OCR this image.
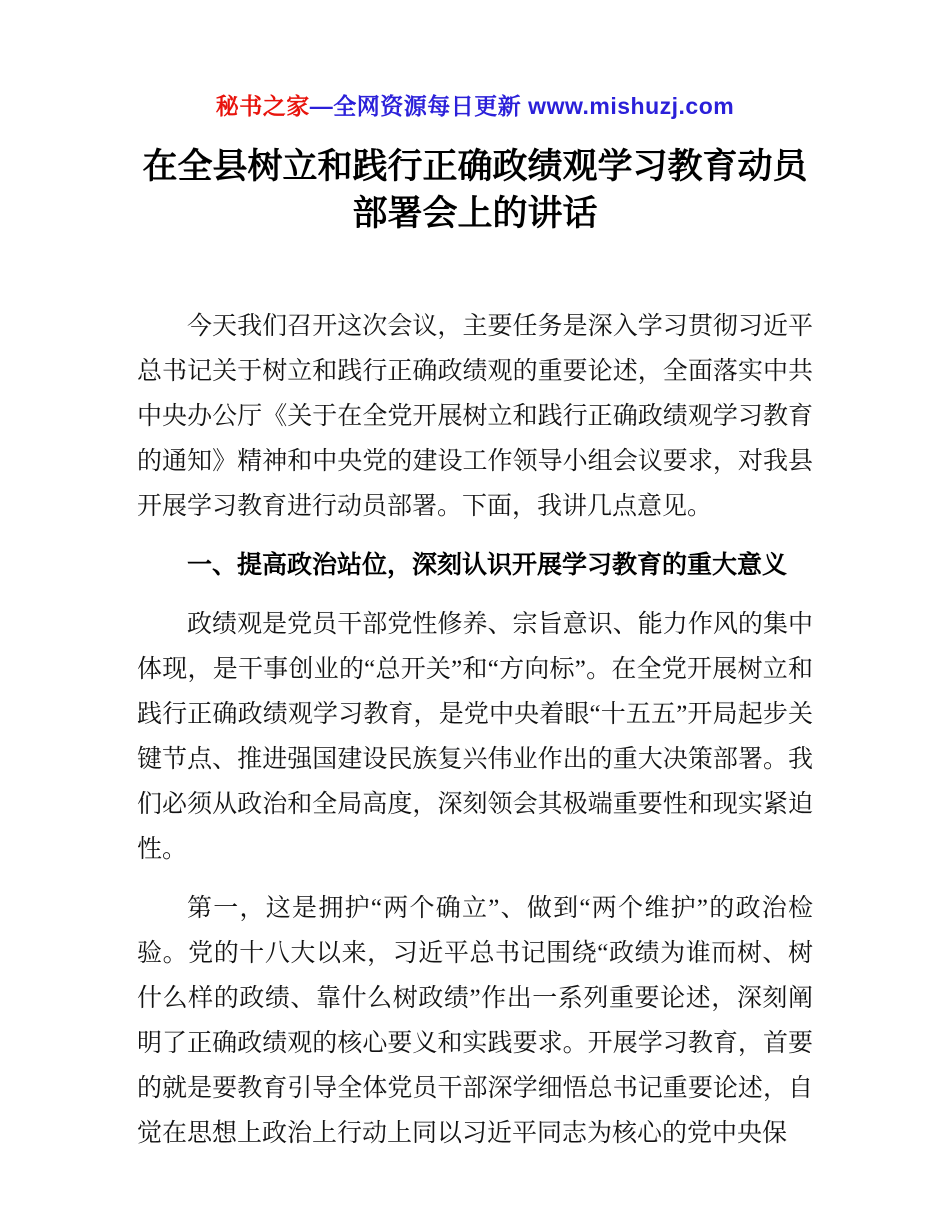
秘书之家—全网资源每日更新 www.mishuzj.com
在全县树立和践行正确政绩观学习教育动员部署会上的讲话

今天我们召开这次会议，主要任务是深入学习贯彻习近平总书记关于树立和践行正确政绩观的重要论述，全面落实中共中央办公厅《关于在全党开展树立和践行正确政绩观学习教育的通知》精神和中央党的建设工作领导小组会议要求，对我县开展学习教育进行动员部署。下面，我讲几点意见。

一、提高政治站位，深刻认识开展学习教育的重大意义

政绩观是党员干部党性修养、宗旨意识、能力作风的集中体现，是干事创业的“总开关”和“方向标”。在全党开展树立和践行正确政绩观学习教育，是党中央着眼“十五五”开局起步关键节点、推进强国建设民族复兴伟业作出的重大决策部署。我们必须从政治和全局高度，深刻领会其极端重要性和现实紧迫性。

第一，这是拥护“两个确立”、做到“两个维护”的政治检验。党的十八大以来，习近平总书记围绕“政绩为谁而树、树什么样的政绩、靠什么树政绩”作出一系列重要论述，深刻阐明了正确政绩观的核心要义和实践要求。开展学习教育，首要的就是要教育引导全体党员干部深学细悟总书记重要论述，自觉在思想上政治上行动上同以习近平同志为核心的党中央保
